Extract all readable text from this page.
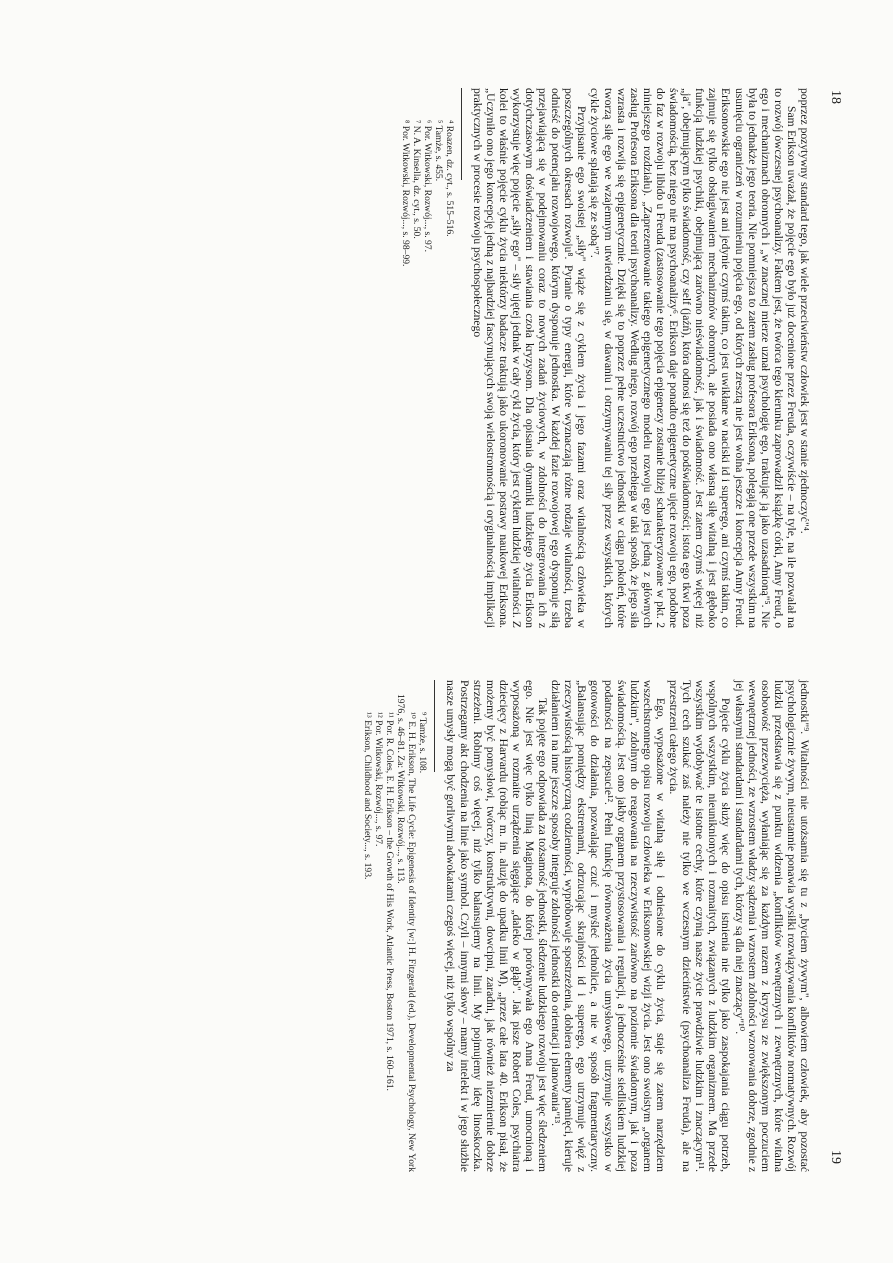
18

poprzez pozytywny standard tego, jak wiele przeciwieństw człowiek jest w stanie zjednoczyć"⁴.

Sam Erikson uważał, że pojęcie ego było już docenione przez Freuda, oczywiście – na tyle, na ile pozwalał na to rozwój ówczesnej psychoanalizy. Faktem jest, że twórca tego kierunku zaprowadził książkę córki, Anny Freud, o ego i mechanizmach obronnych i „w znacznej mierze uznał psychologię ego, traktując ją jako uzasadnioną"⁵. Nie była to jednakże jego teoria. Nie pomniejsza to zatem zasług profesora Eriksona, polegają one przede wszystkim na usunięciu ograniczeń w rozumieniu pojęcia ego, od których zresztą nie jest wolna jeszcze i koncepcja Anny Freud. Eriksonowskie ego nie jest ani jedynie czymś takim, co jest uwikłane w naciski id i superego, ani czymś takim, co zajmuje się tylko obsługiwaniem mechanizmów obronnych, ale posiada ono własną siłę witalną i jest głęboko funkcją ludzkiej psychiki, obejmującą zarówno nieświadomość, jak i świadomość. Jest zatem czymś więcej niż „ja", obejmującym tylko świadomość, czy self (jaźń), która odnosi się też do podświadomości; istota ego tkwi poza świadomością, bez niego nie ma psychoanalizy⁶. Erikson daje ponadto epigenetyczne ujęcie rozwoju ego, podobne do faz w rozwoju libido u Freuda (zastosowanie tego pojęcia epigenezy zostanie bliżej scharakteryzowane w pkt. 2 niniejszego rozdziału). „Zaprezentowanie takiego epigenetycznego modelu rozwoju ego jest jedną z głównych zasług Profesora Eriksona dla teorii psychoanalizy. Według niego, rozwój ego przebiega w taki sposób, że jego siła wzrasta i rozwija się epigenetycznie. Dzięki się to poprzez pełne uczestnictwo jednostki w ciągu pokoleń, które tworzą siłę ego we wzajemnym utwierdzaniu się, w dawaniu i otrzymywaniu tej siły przez wszystkich, których cykle życiowe splatają się ze sobą"⁷.

Przypisanie ego swoistej „siły" wiąże się z cyklem życia i jego fazami oraz witalnością człowieka w poszczególnych okresach rozwoju⁸. Pytanie o typy energii, które wyznaczają różne rodzaje witalności, trzeba odnieść do potencjału rozwojowego, którym dysponuje jednostka. W każdej fazie rozwojowej ego dysponuje siłą przejawiającą się w podejmowaniu coraz to nowych zadań życiowych, w zdolności do integrowania ich z dotychczasowym doświadczeniem i stawiania czoła kryzysom. Dla opisania dynamiki ludzkiego życia Erikson wykorzystuje więc pojęcie „siły ego" – siły ujętej jednak w cały cykl życia, który jest cyklem ludzkiej witalności. Z kolei to właśnie pojęcie cyklu życia niektórzy badacze traktują jako ukoronowanie postawy naukowej Eriksona. „Uczyniło ono jego koncepcję jedną z najbardziej fascynujących swoją wielostronnością i oryginalnością implikacji praktycznych w procesie rozwoju psychospołecznego

⁴ Roazen, dz. cyt., s. 515–516.

⁵ Tamże, s. 455.

⁶ Por. Witkowski, Rozwój..., s. 97.

⁷ N. A. Kinsella, dz. cyt., s. 50.

⁸ Por. Witkowski, Rozwój..., s. 98–99.

19

jednostki"⁹. Witalności nie utożsamia się tu z „byciem żywym", albowiem człowiek, aby pozostać psychologicznie żywym, nieustannie ponawia wysiłki rozwiązywania konfliktów normatywnych. Rozwój ludzki przedstawia się z punktu widzenia „konfliktów wewnętrznych i zewnętrznych, które witalna osobowość przezwycięża, wyłaniając się za każdym razem z kryzysu ze zwiększonym poczuciem wewnętrznej jedności, ze wzrostem władzy sądzenia i wzrostem zdolności wzorowania dobrze, zgodnie z jej własnymi standardami i standardami tych, którzy są dla niej znaczący"¹⁰.

Pojęcie cyklu życia służy więc do opisu istnienia nie tylko jako zaspokajania ciągu potrzeb, wspólnych wszystkim, nieuniknionych i rozmaitych, związanych z ludzkim organizmem. Ma przede wszystkim wydobywać te istotne cechy, które czynią nasze życie prawdziwie ludzkim i znaczącym¹¹. Tych cech szukać zaś należy nie tylko we wczesnym dzieciństwie (psychoanaliza Freuda), ale na przestrzeni całego życia.

Ego, wyposażone w witalną siłę i odniesione do cyklu życia, staje się zatem narzędziem wszechstronnego opisu rozwoju człowieka w Eriksonowskiej wizji życia. Jest ono swoistym „organem ludzkim", zdolnym do reagowania na rzeczywistość zarówno na poziomie świadomym, jak i poza świadomością. Jest ono jakby organem przystosowania i regulacji, a jednocześnie siedliskiem ludzkiej podatności na zepsucie¹². Pełni funkcję równoważenia życia umysłowego, utrzymuje wszystko w gotowości do działania, pozwalając czuć i myśleć jednolicie, a nie w sposób fragmentaryczny. „Balansując pomiędzy ekstremami, odrzucając skrajności id i superego, ego utrzymuje więź z rzeczywistością historyczną codzienności, wypróbowuje spostrzeżenia, dobiera elementy pamięci, kieruje działaniem i na inne jeszcze sposoby integruje zdolności jednostki do orientacji i planowania"¹³.

Tak pojęte ego odpowiada za tożsamość jednostki, śledzenie ludzkiego rozwoju jest więc śledzeniem ego. Nie jest więc tylko linią Maginota, do której porównywała ego Anna Freud, umocnioną i wyposażoną w rozmaite urządzenia sięgające „daleko w głąb". Jak pisze Robert Coles, psychiatra dziecięcy z Harvardu (robiąc m. in. aluzję do upadku linii M), „przez całe lata 40. Erikson pisał, że możemy być pomysłowi, twórczy, konstruktywni, dowcipni, zaradni, jak również niezmiernie dobrze strzeżeni. Robimy coś więcej, niż tylko balansujemy na linii. My pojmujemy ideę linoskoczka. Postrzegamy akt chodzenia na linie jako symbol. Czyli – innymi słowy – mamy intelekt i w jego służbie nasze umysły mogą być gorliwymi adwokatami czegoś więcej, niż tylko wspólny za

⁹ Tamże, s. 108.

¹⁰ E. H. Erikson, The Life Cycle: Epigenesis of Identity [w:] H. Fitzgerald (ed.), Developmental Psychology, New York 1976, s. 46–81. Za: Witkowski, Rozwój..., s. 113.

¹¹ Por. R. Coles, E. H. Erikson – the Growth of His Work, Atlantic Press, Boston 1971, s. 160–161.

¹² Por. Witkowski, Rozwój..., s. 97.

¹³ Erikson, Childhood and Society..., s. 193.
